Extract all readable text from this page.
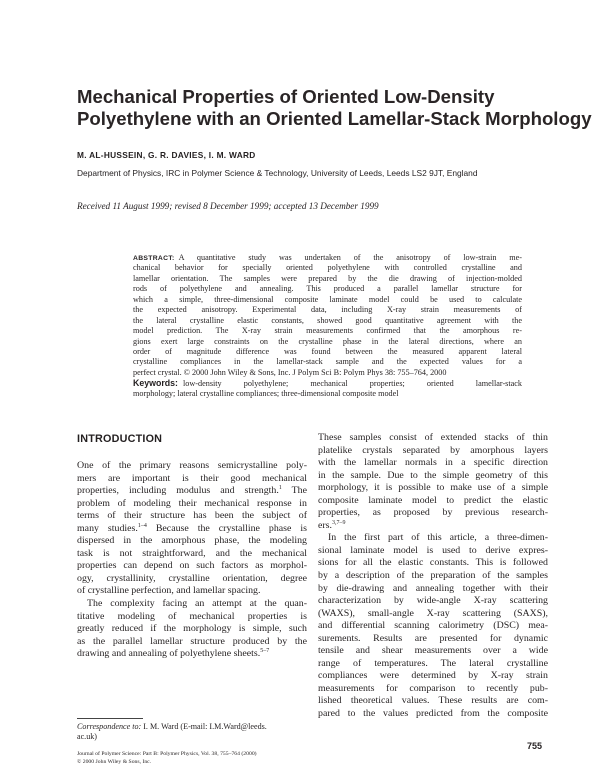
Mechanical Properties of Oriented Low-Density
Polyethylene with an Oriented Lamellar-Stack Morphology
M. AL-HUSSEIN, G. R. DAVIES, I. M. WARD
Department of Physics, IRC in Polymer Science & Technology, University of Leeds, Leeds LS2 9JT, England
Received 11 August 1999; revised 8 December 1999; accepted 13 December 1999
ABSTRACT: A quantitative study was undertaken of the anisotropy of low-strain me-
chanical behavior for specially oriented polyethylene with controlled crystalline and
lamellar orientation. The samples were prepared by the die drawing of injection-molded
rods of polyethylene and annealing. This produced a parallel lamellar structure for
which a simple, three-dimensional composite laminate model could be used to calculate
the expected anisotropy. Experimental data, including X-ray strain measurements of
the lateral crystalline elastic constants, showed good quantitative agreement with the
model prediction. The X-ray strain measurements confirmed that the amorphous re-
gions exert large constraints on the crystalline phase in the lateral directions, where an
order of magnitude difference was found between the measured apparent lateral
crystalline compliances in the lamellar-stack sample and the expected values for a
perfect crystal. © 2000 John Wiley & Sons, Inc. J Polym Sci B: Polym Phys 38: 755–764, 2000
Keywords: low-density polyethylene; mechanical properties; oriented lamellar-stack
morphology; lateral crystalline compliances; three-dimensional composite model
INTRODUCTION
One of the primary reasons semicrystalline poly-
mers are important is their good mechanical
properties, including modulus and strength.$^1$ The
problem of modeling their mechanical response in
terms of their structure has been the subject of
many studies.$^{1-4}$ Because the crystalline phase is
dispersed in the amorphous phase, the modeling
task is not straightforward, and the mechanical
properties can depend on such factors as morphol-
ogy, crystallinity, crystalline orientation, degree
of crystalline perfection, and lamellar spacing.
The complexity facing an attempt at the quan-
titative modeling of mechanical properties is
greatly reduced if the morphology is simple, such
as the parallel lamellar structure produced by the
drawing and annealing of polyethylene sheets.$^{5-7}$
These samples consist of extended stacks of thin
platelike crystals separated by amorphous layers
with the lamellar normals in a specific direction
in the sample. Due to the simple geometry of this
morphology, it is possible to make use of a simple
composite laminate model to predict the elastic
properties, as proposed by previous research-
ers.$^{3,7-9}$
In the first part of this article, a three-dimen-
sional laminate model is used to derive expres-
sions for all the elastic constants. This is followed
by a description of the preparation of the samples
by die-drawing and annealing together with their
characterization by wide-angle X-ray scattering
(WAXS), small-angle X-ray scattering (SAXS),
and differential scanning calorimetry (DSC) mea-
surements. Results are presented for dynamic
tensile and shear measurements over a wide
range of temperatures. The lateral crystalline
compliances were determined by X-ray strain
measurements for comparison to recently pub-
lished theoretical values. These results are com-
pared to the values predicted from the composite
Correspondence to: I. M. Ward (E-mail: I.M.Ward@leeds.
ac.uk)
Journal of Polymer Science: Part B: Polymer Physics, Vol. 38, 755–764 (2000)
© 2000 John Wiley & Sons, Inc.
755
